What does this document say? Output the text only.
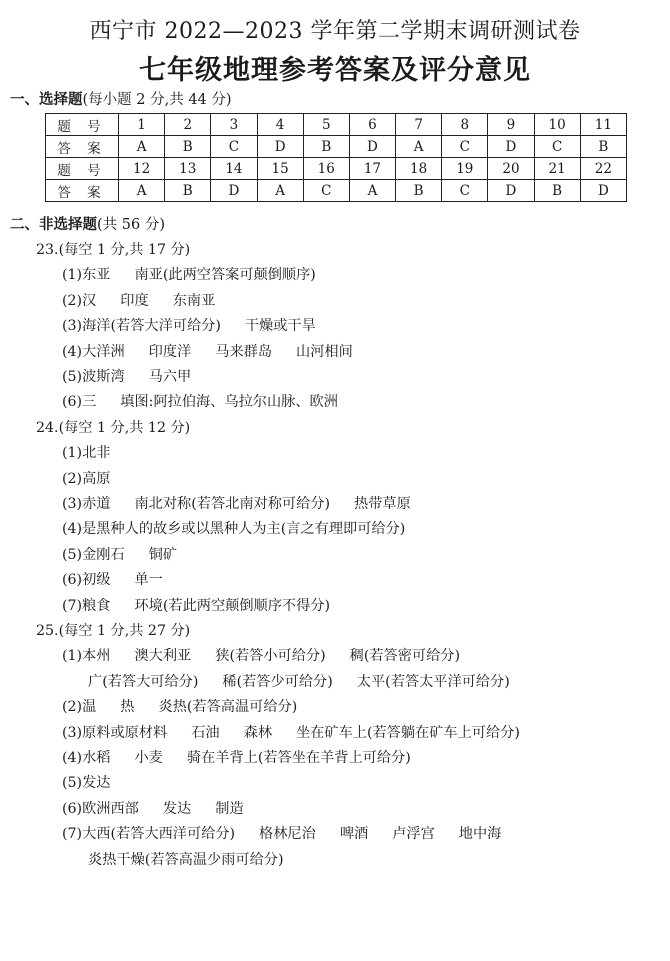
西宁市 2022—2023 学年第二学期末调研测试卷
七年级地理参考答案及评分意见
一、选择题(每小题 2 分,共 44 分)
题 号	1	2	3	4	5	6	7	8	9	10	11
答 案	A	B	C	D	B	D	A	C	D	C	B
题 号	12	13	14	15	16	17	18	19	20	21	22
答 案	A	B	D	A	C	A	B	C	D	B	D
二、非选择题(共 56 分)
23.(每空 1 分,共 17 分)
(1)东亚 南亚(此两空答案可颠倒顺序)
(2)汉 印度 东南亚
(3)海洋(若答大洋可给分) 干燥或干旱
(4)大洋洲 印度洋 马来群岛 山河相间
(5)波斯湾 马六甲
(6)三 填图:阿拉伯海、乌拉尔山脉、欧洲
24.(每空 1 分,共 12 分)
(1)北非
(2)高原
(3)赤道 南北对称(若答北南对称可给分) 热带草原
(4)是黑种人的故乡或以黑种人为主(言之有理即可给分)
(5)金刚石 铜矿
(6)初级 单一
(7)粮食 环境(若此两空颠倒顺序不得分)
25.(每空 1 分,共 27 分)
(1)本州 澳大利亚 狭(若答小可给分) 稠(若答密可给分)
广(若答大可给分) 稀(若答少可给分) 太平(若答太平洋可给分)
(2)温 热 炎热(若答高温可给分)
(3)原料或原材料 石油 森林 坐在矿车上(若答躺在矿车上可给分)
(4)水稻 小麦 骑在羊背上(若答坐在羊背上可给分)
(5)发达
(6)欧洲西部 发达 制造
(7)大西(若答大西洋可给分) 格林尼治 啤酒 卢浮宫 地中海
炎热干燥(若答高温少雨可给分)
